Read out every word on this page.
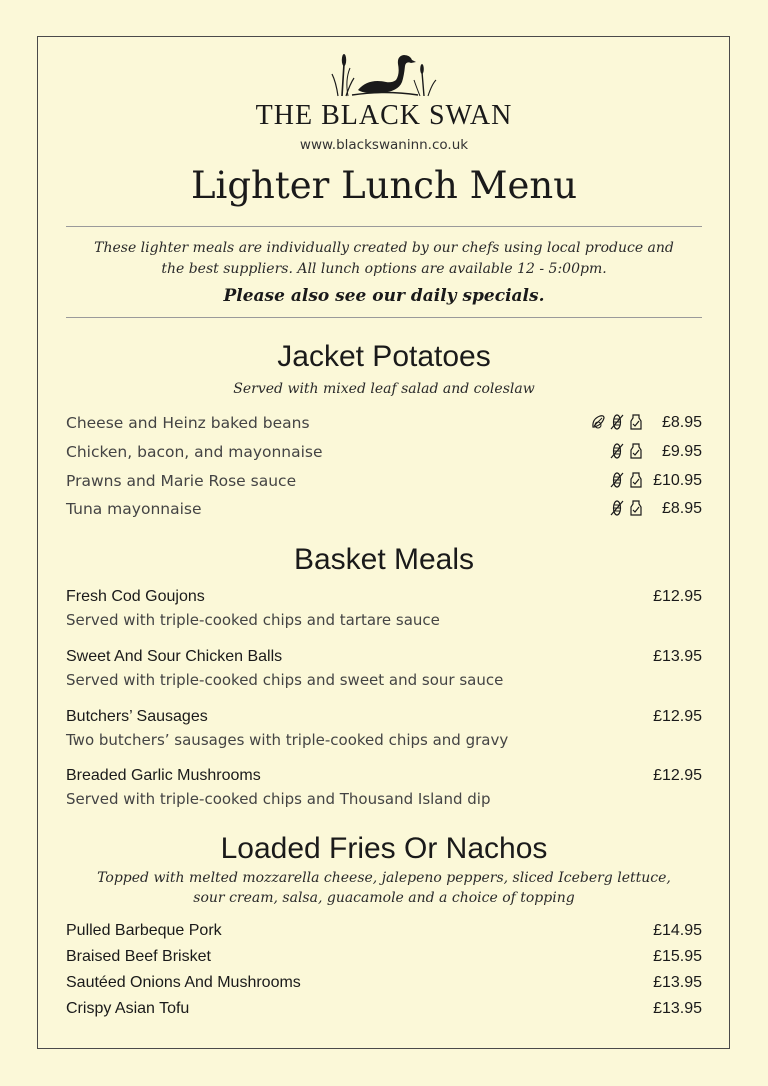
THE BLACK SWAN
www.blackswaninn.co.uk
Lighter Lunch Menu
These lighter meals are individually created by our chefs using local produce and
the best suppliers. All lunch options are available 12 - 5:00pm.
Please also see our daily specials.
Jacket Potatoes
Served with mixed leaf salad and coleslaw
Cheese and Heinz baked beans	£8.95
Chicken, bacon, and mayonnaise	£9.95
Prawns and Marie Rose sauce	£10.95
Tuna mayonnaise	£8.95
Basket Meals
Fresh Cod Goujons	£12.95
Served with triple-cooked chips and tartare sauce
Sweet And Sour Chicken Balls	£13.95
Served with triple-cooked chips and sweet and sour sauce
Butchers’ Sausages	£12.95
Two butchers’ sausages with triple-cooked chips and gravy
Breaded Garlic Mushrooms	£12.95
Served with triple-cooked chips and Thousand Island dip
Loaded Fries Or Nachos
Topped with melted mozzarella cheese, jalepeno peppers, sliced Iceberg lettuce,
sour cream, salsa, guacamole and a choice of topping
Pulled Barbeque Pork	£14.95
Braised Beef Brisket	£15.95
Sautéed Onions And Mushrooms	£13.95
Crispy Asian Tofu	£13.95
